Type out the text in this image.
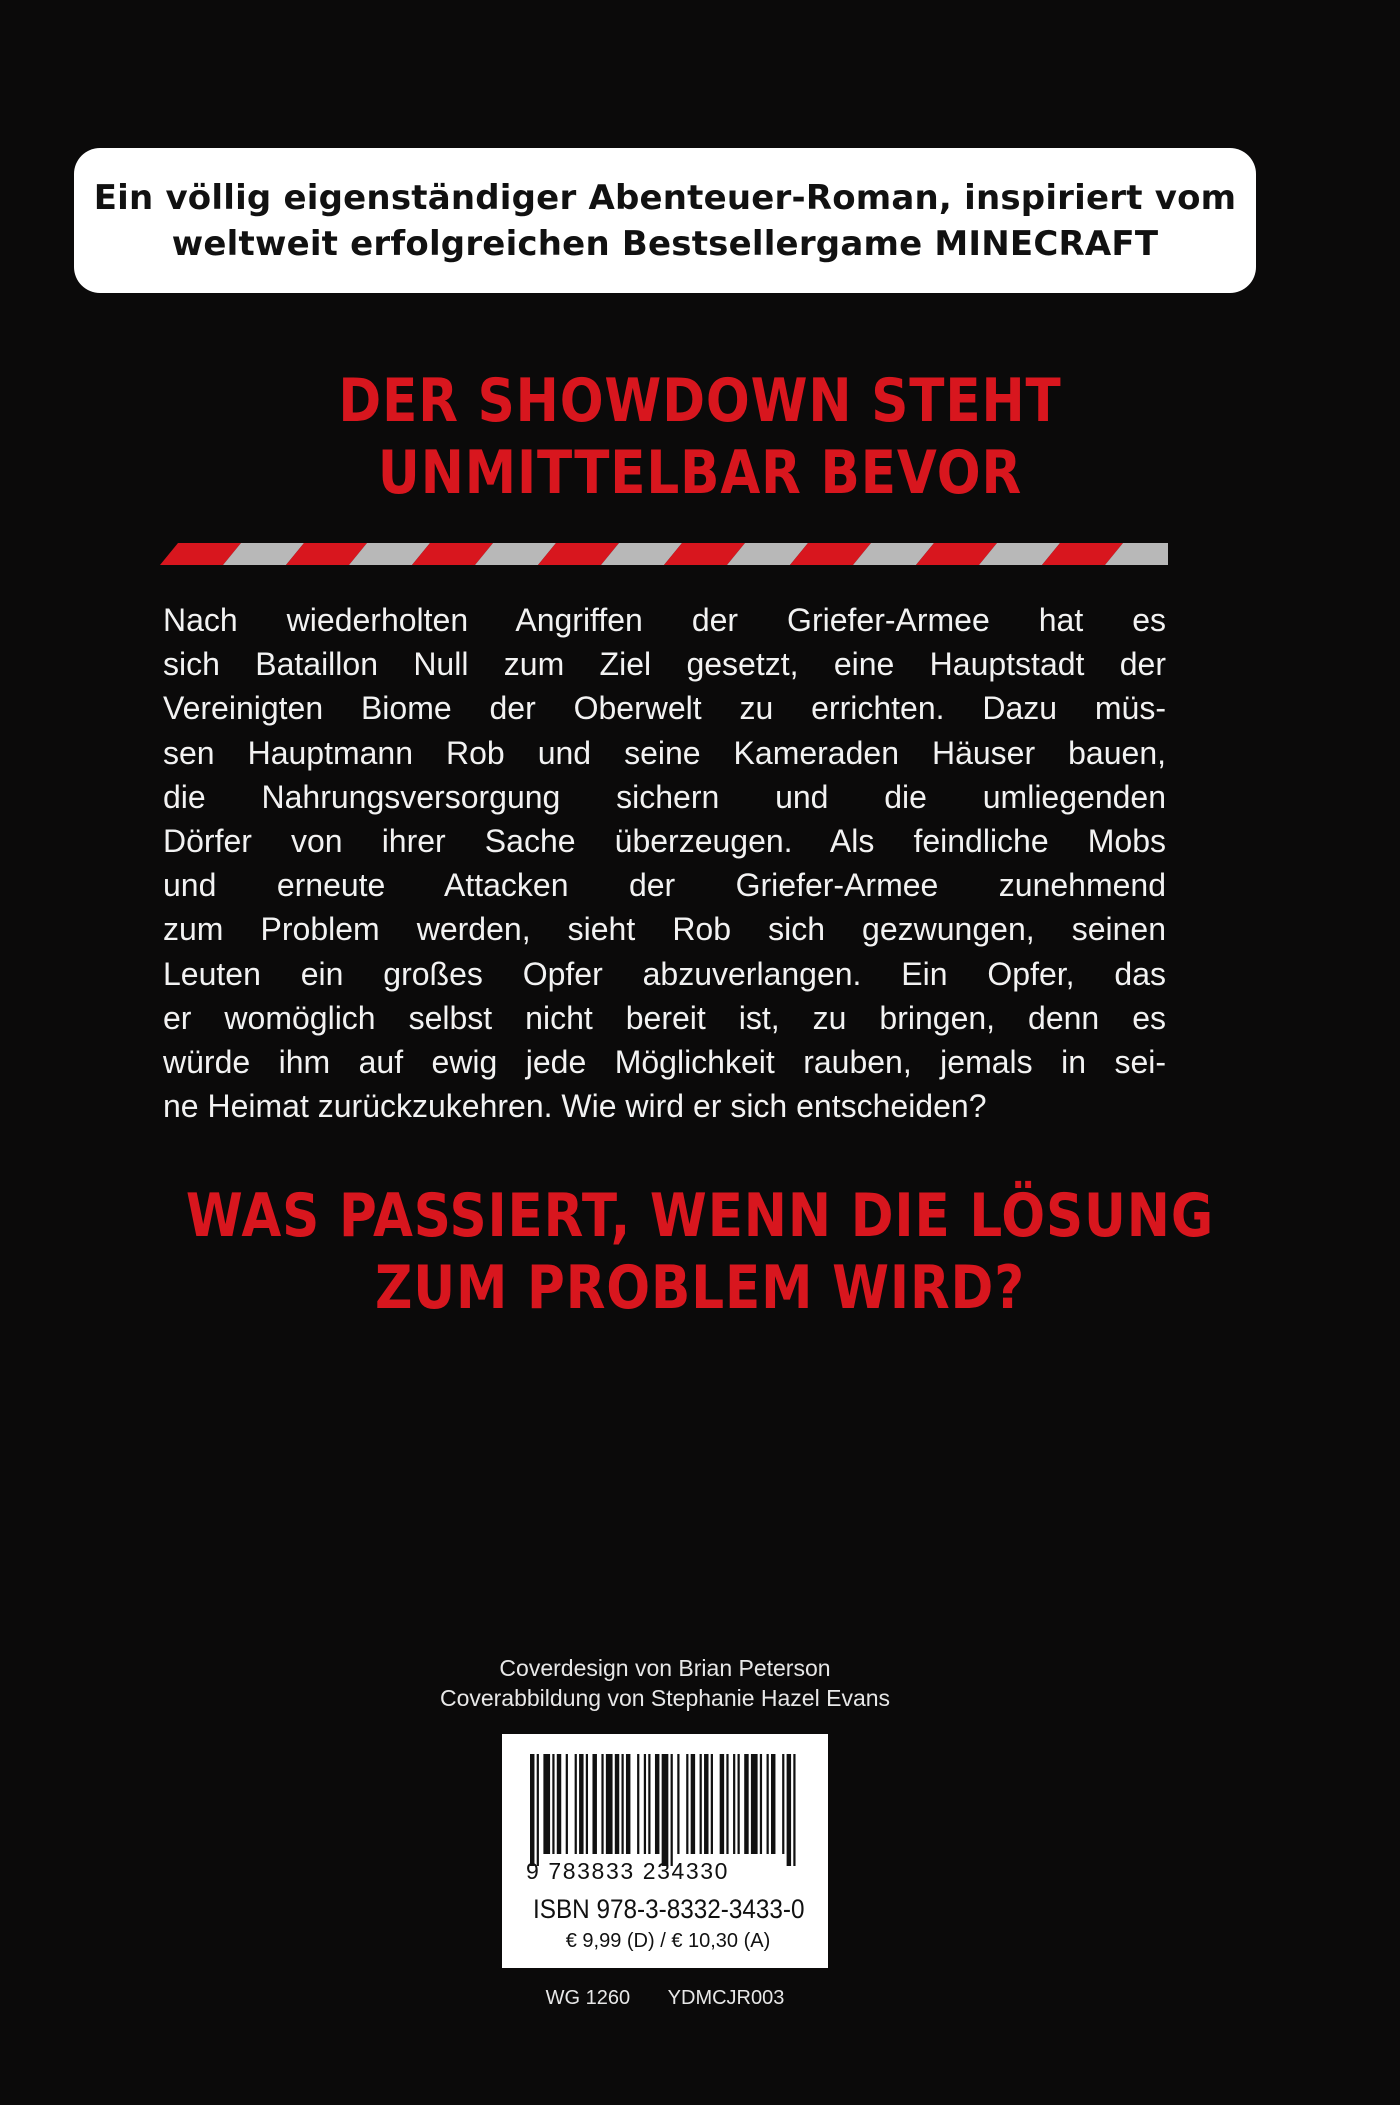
Ein völlig eigenständiger Abenteuer-Roman, inspiriert vom
weltweit erfolgreichen Bestsellergame MINECRAFT
DER SHOWDOWN STEHT
UNMITTELBAR BEVOR
Nach wiederholten Angriffen der Griefer-Armee hat es
sich Bataillon Null zum Ziel gesetzt, eine Hauptstadt der
Vereinigten Biome der Oberwelt zu errichten. Dazu müs-
sen Hauptmann Rob und seine Kameraden Häuser bauen,
die Nahrungsversorgung sichern und die umliegenden
Dörfer von ihrer Sache überzeugen. Als feindliche Mobs
und erneute Attacken der Griefer-Armee zunehmend
zum Problem werden, sieht Rob sich gezwungen, seinen
Leuten ein großes Opfer abzuverlangen. Ein Opfer, das
er womöglich selbst nicht bereit ist, zu bringen, denn es
würde ihm auf ewig jede Möglichkeit rauben, jemals in sei-
ne Heimat zurückzukehren. Wie wird er sich entscheiden?
WAS PASSIERT, WENN DIE LÖSUNG
ZUM PROBLEM WIRD?
Coverdesign von Brian Peterson
Coverabbildung von Stephanie Hazel Evans
9 783833 234330
ISBN 978-3-8332-3433-0
€ 9,99 (D) / € 10,30 (A)
WG 1260 YDMCJR003
